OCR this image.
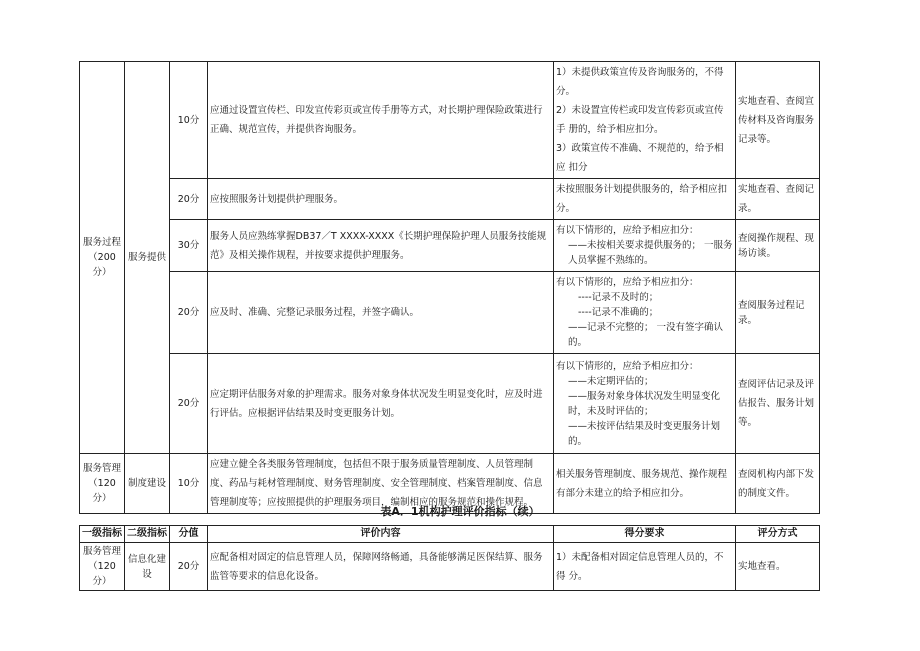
服务过程（200分）	服务提供	10分	应通过设置宣传栏、印发宣传彩页或宣传手册等方式，对长期护理保险政策进行正确、规范宣传，并提供咨询服务。	1）未提供政策宣传及咨询服务的，不得分。
2）未设置宣传栏或印发宣传彩页或宣传手 册的，给予相应扣分。
3）政策宣传不准确、不规范的，给予相应 扣分	实地查看、查阅宣传材料及咨询服务记录等。
		20分	应按照服务计划提供护理服务。	未按照服务计划提供服务的，给予相应扣分。	实地查看、查阅记录。
		30分	服务人员应熟练掌握DB37／T XXXX-XXXX《长期护理保险护理人员服务技能规 范》及相关操作规程，并按要求提供护理服务。	有以下情形的，应给予相应扣分：
——未按相关要求提供服务的； 一服务人员掌握不熟练的。	查阅操作规程、现场访谈。
		20分	应及时、准确、完整记录服务过程，并签字确认。	有以下情形的，应给予相应扣分：
----记录不及时的；
----记录不准确的；
——记录不完整的； 一没有签字确认的。	查阅服务过程记录。
		20分	应定期评估服务对象的护理需求。服务对象身体状况发生明显变化时，应及时进行评估。应根据评估结果及时变更服务计划。	有以下情形的，应给予相应扣分：
——未定期评估的；
——服务对象身体状况发生明显变化时，未及时评估的；
——未按评估结果及时变更服务计划的。	查阅评估记录及评估报告、服务计划等。
服务管理（120分）	制度建设	10分	应建立健全各类服务管理制度，包括但不限于服务质量管理制度、人员管理制度、药品与耗材管理制度、财务管理制度、安全管理制度、档案管理制度、信息管理制度等；应按照提供的护理服务项目，编制相应的服务规范和操作规程。	相关服务管理制度、服务规范、操作规程有部分未建立的给予相应扣分。	查阅机构内部下发的制度文件。
表A．1机构护理评价指标（续）
一级指标	二级指标	分值	评价内容	得分要求	评分方式
服务管理（120分）	信息化建设	20分	应配备相对固定的信息管理人员，保障网络畅通，具备能够满足医保结算、服务监管等要求的信息化设备。	1）未配备相对固定信息管理人员的，不得 分。	实地查看。
